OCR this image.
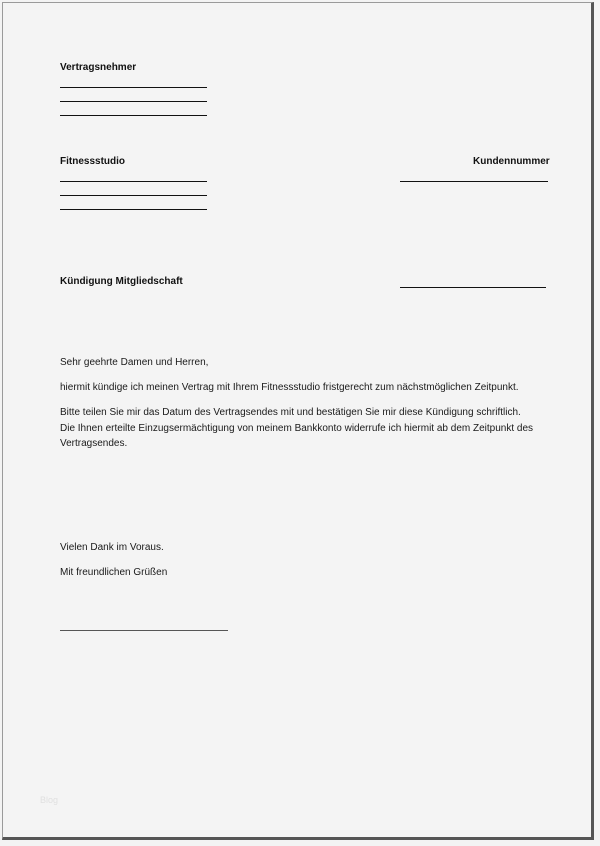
Vertragsnehmer
Fitnessstudio	Kundennummer
Kündigung Mitgliedschaft
Sehr geehrte Damen und Herren,
hiermit kündige ich meinen Vertrag mit Ihrem Fitnessstudio fristgerecht zum nächstmöglichen Zeitpunkt.
Bitte teilen Sie mir das Datum des Vertragsendes mit und bestätigen Sie mir diese Kündigung schriftlich.
Die Ihnen erteilte Einzugsermächtigung von meinem Bankkonto widerrufe ich hiermit ab dem Zeitpunkt des
Vertragsendes.
Vielen Dank im Voraus.
Mit freundlichen Grüßen
Blog
